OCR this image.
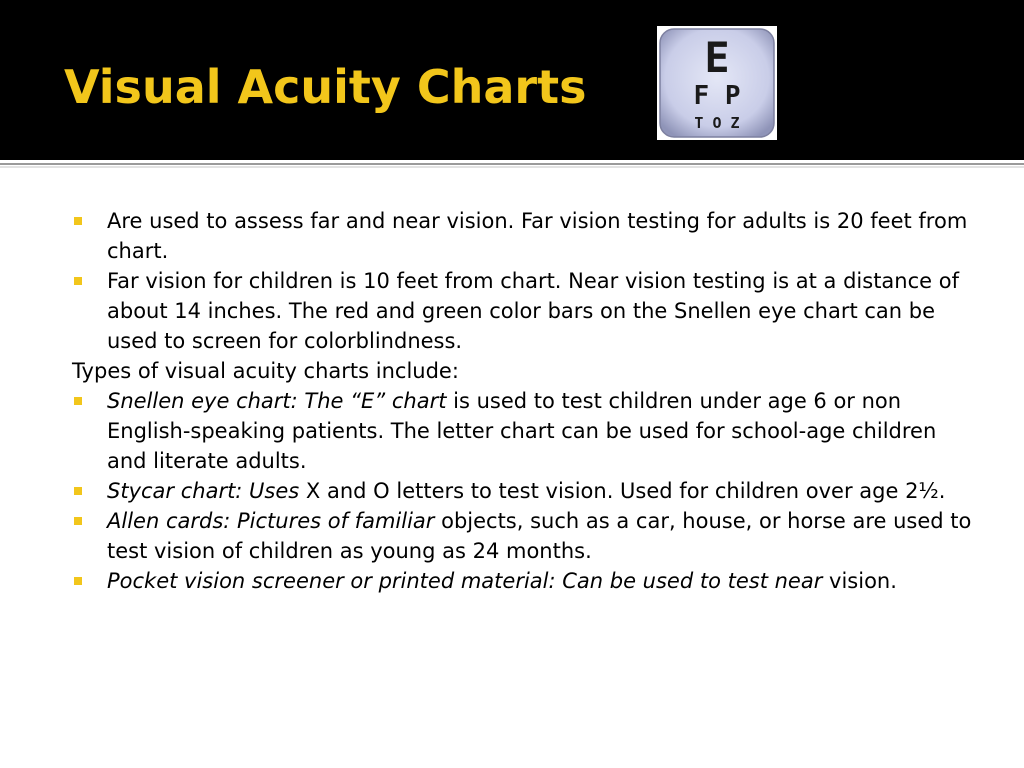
Visual Acuity Charts
E
F P
T O Z

Are used to assess far and near vision. Far vision testing for adults is 20 feet from chart.

Far vision for children is 10 feet from chart. Near vision testing is at a distance of about 14 inches. The red and green color bars on the Snellen eye chart can be used to screen for colorblindness.

Types of visual acuity charts include:

Snellen eye chart: The “E” chart is used to test children under age 6 or non English-speaking patients. The letter chart can be used for school-age children and literate adults.

Stycar chart: Uses X and O letters to test vision. Used for children over age 2½.

Allen cards: Pictures of familiar objects, such as a car, house, or horse are used to test vision of children as young as 24 months.

Pocket vision screener or printed material: Can be used to test near vision.
